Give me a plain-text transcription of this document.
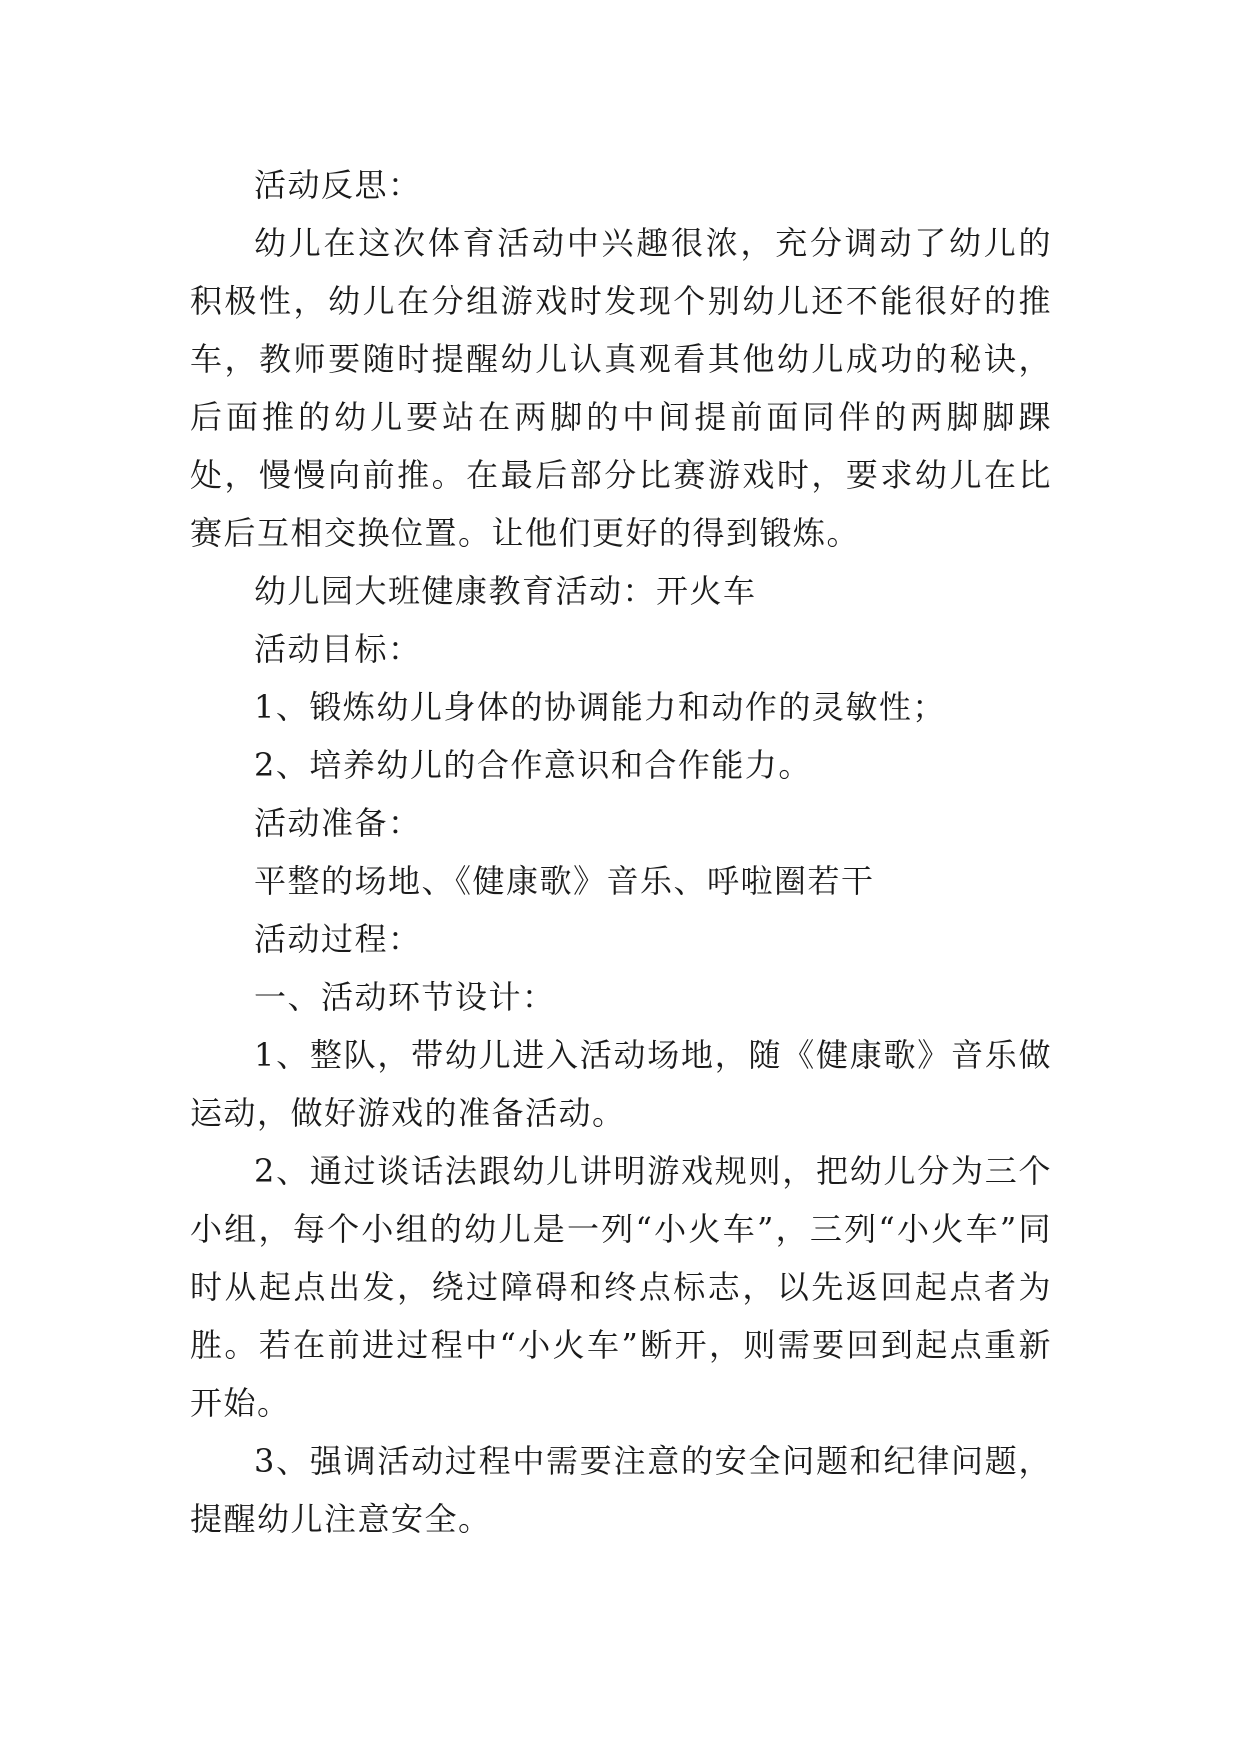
活动反思：

幼儿在这次体育活动中兴趣很浓，充分调动了幼儿的积极性，幼儿在分组游戏时发现个别幼儿还不能很好的推车，教师要随时提醒幼儿认真观看其他幼儿成功的秘诀，后面推的幼儿要站在两脚的中间提前面同伴的两脚脚踝处，慢慢向前推。在最后部分比赛游戏时，要求幼儿在比赛后互相交换位置。让他们更好的得到锻炼。

幼儿园大班健康教育活动：开火车

活动目标：

1、锻炼幼儿身体的协调能力和动作的灵敏性；

2、培养幼儿的合作意识和合作能力。

活动准备：

平整的场地、《健康歌》音乐、呼啦圈若干

活动过程：

一、活动环节设计：

1、整队，带幼儿进入活动场地，随《健康歌》音乐做运动，做好游戏的准备活动。

2、通过谈话法跟幼儿讲明游戏规则，把幼儿分为三个小组，每个小组的幼儿是一列“小火车”，三列“小火车”同时从起点出发，绕过障碍和终点标志，以先返回起点者为胜。若在前进过程中“小火车”断开，则需要回到起点重新开始。

3、强调活动过程中需要注意的安全问题和纪律问题，提醒幼儿注意安全。
